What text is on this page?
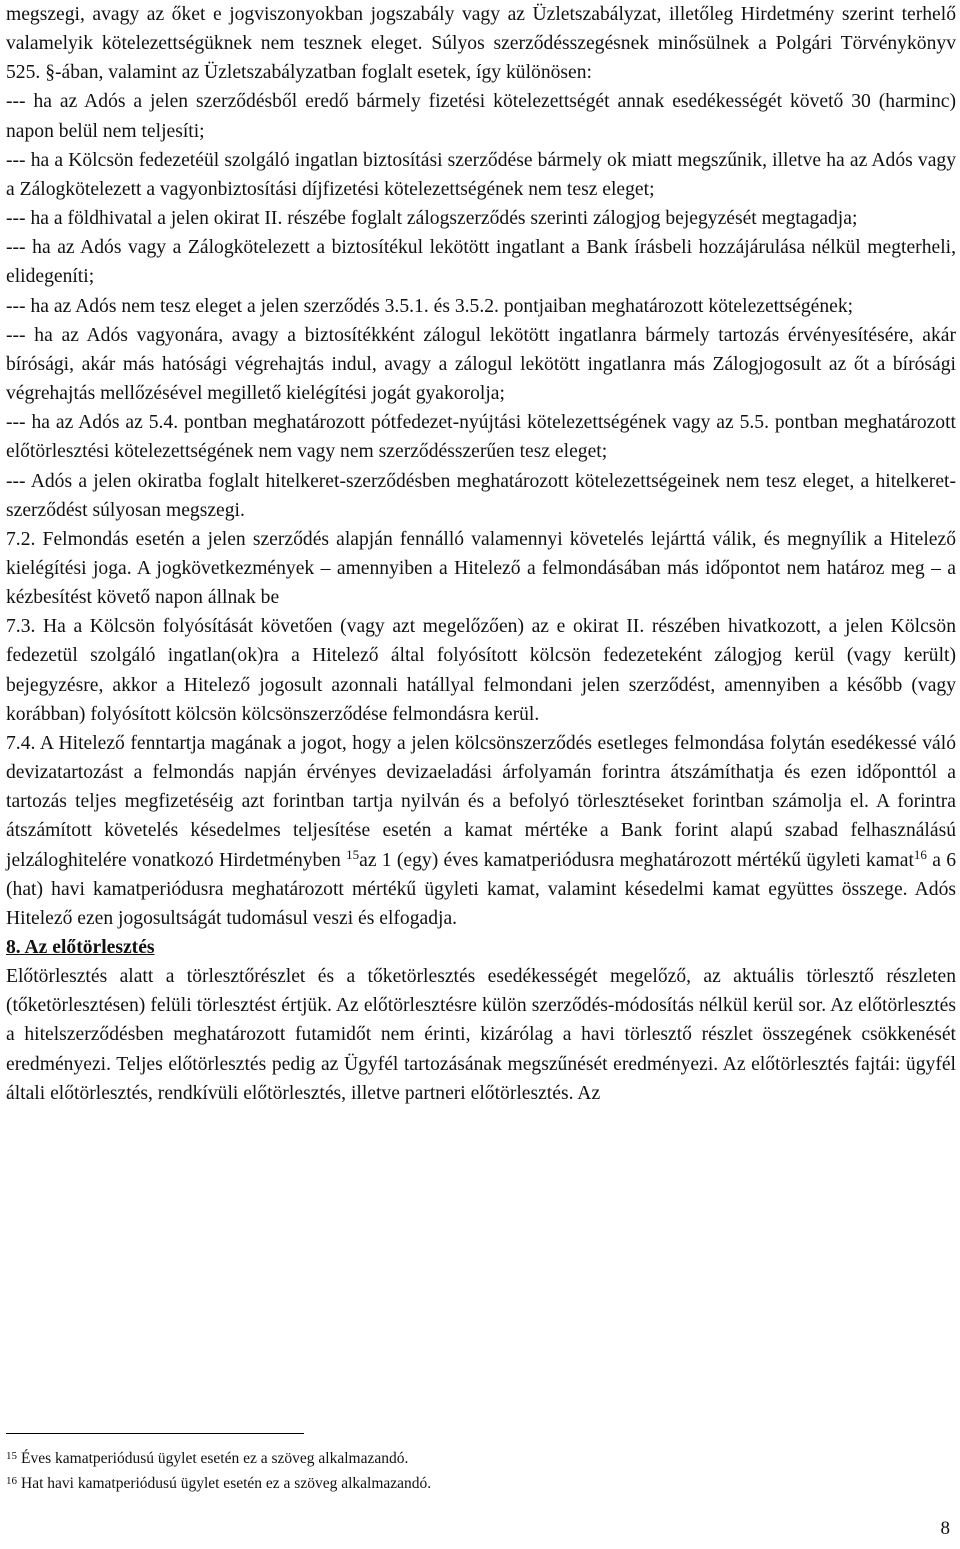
megszegi, avagy az őket e jogviszonyokban jogszabály vagy az Üzletszabályzat, illetőleg Hirdetmény szerint terhelő valamelyik kötelezettségüknek nem tesznek eleget. Súlyos szerződésszegésnek minősülnek a Polgári Törvénykönyv 525. §-ában, valamint az Üzletszabályzatban foglalt esetek, így különösen:

--- ha az Adós a jelen szerződésből eredő bármely fizetési kötelezettségét annak esedékességét követő 30 (harminc) napon belül nem teljesíti;

--- ha a Kölcsön fedezetéül szolgáló ingatlan biztosítási szerződése bármely ok miatt megszűnik, illetve ha az Adós vagy a Zálogkötelezett a vagyonbiztosítási díjfizetési kötelezettségének nem tesz eleget;

--- ha a földhivatal a jelen okirat II. részébe foglalt zálogszerződés szerinti zálogjog bejegyzését megtagadja;

--- ha az Adós vagy a Zálogkötelezett a biztosítékul lekötött ingatlant a Bank írásbeli hozzájárulása nélkül megterheli, elidegeníti;

--- ha az Adós nem tesz eleget a jelen szerződés 3.5.1. és 3.5.2. pontjaiban meghatározott kötelezettségének;

--- ha az Adós vagyonára, avagy a biztosítékként zálogul lekötött ingatlanra bármely tartozás érvényesítésére, akár bírósági, akár más hatósági végrehajtás indul, avagy a zálogul lekötött ingatlanra más Zálogjogosult az őt a bírósági végrehajtás mellőzésével megillető kielégítési jogát gyakorolja;

--- ha az Adós az 5.4. pontban meghatározott pótfedezet-nyújtási kötelezettségének vagy az 5.5. pontban meghatározott előtörlesztési kötelezettségének nem vagy nem szerződésszerűen tesz eleget;

--- Adós a jelen okiratba foglalt hitelkeret-szerződésben meghatározott kötelezettségeinek nem tesz eleget, a hitelkeret-szerződést súlyosan megszegi.

7.2. Felmondás esetén a jelen szerződés alapján fennálló valamennyi követelés lejárttá válik, és megnyílik a Hitelező kielégítési joga. A jogkövetkezmények – amennyiben a Hitelező a felmondásában más időpontot nem határoz meg – a kézbesítést követő napon állnak be

7.3. Ha a Kölcsön folyósítását követően (vagy azt megelőzően) az e okirat II. részében hivatkozott, a jelen Kölcsön fedezetül szolgáló ingatlan(ok)ra a Hitelező által folyósított kölcsön fedezeteként zálogjog kerül (vagy került) bejegyzésre, akkor a Hitelező jogosult azonnali hatállyal felmondani jelen szerződést, amennyiben a később (vagy korábban) folyósított kölcsön kölcsönszerződése felmondásra kerül.

7.4. A Hitelező fenntartja magának a jogot, hogy a jelen kölcsönszerződés esetleges felmondása folytán esedékessé váló devizatartozást a felmondás napján érvényes devizaeladási árfolyamán forintra átszámíthatja és ezen időponttól a tartozás teljes megfizetéséig azt forintban tartja nyilván és a befolyó törlesztéseket forintban számolja el. A forintra átszámított követelés késedelmes teljesítése esetén a kamat mértéke a Bank forint alapú szabad felhasználású jelzáloghitelére vonatkozó Hirdetményben $^{15}$az 1 (egy) éves kamatperiódusra meghatározott mértékű ügyleti kamat$^{16}$ a 6 (hat) havi kamatperiódusra meghatározott mértékű ügyleti kamat, valamint késedelmi kamat együttes összege. Adós Hitelező ezen jogosultságát tudomásul veszi és elfogadja.

8. Az előtörlesztés

Előtörlesztés alatt a törlesztőrészlet és a tőketörlesztés esedékességét megelőző, az aktuális törlesztő részleten (tőketörlesztésen) felüli törlesztést értjük. Az előtörlesztésre külön szerződés-módosítás nélkül kerül sor. Az előtörlesztés a hitelszerződésben meghatározott futamidőt nem érinti, kizárólag a havi törlesztő részlet összegének csökkenését eredményezi. Teljes előtörlesztés pedig az Ügyfél tartozásának megszűnését eredményezi. Az előtörlesztés fajtái: ügyfél általi előtörlesztés, rendkívüli előtörlesztés, illetve partneri előtörlesztés. Az

$^{15}$ Éves kamatperiódusú ügylet esetén ez a szöveg alkalmazandó.

$^{16}$ Hat havi kamatperiódusú ügylet esetén ez a szöveg alkalmazandó.

8
